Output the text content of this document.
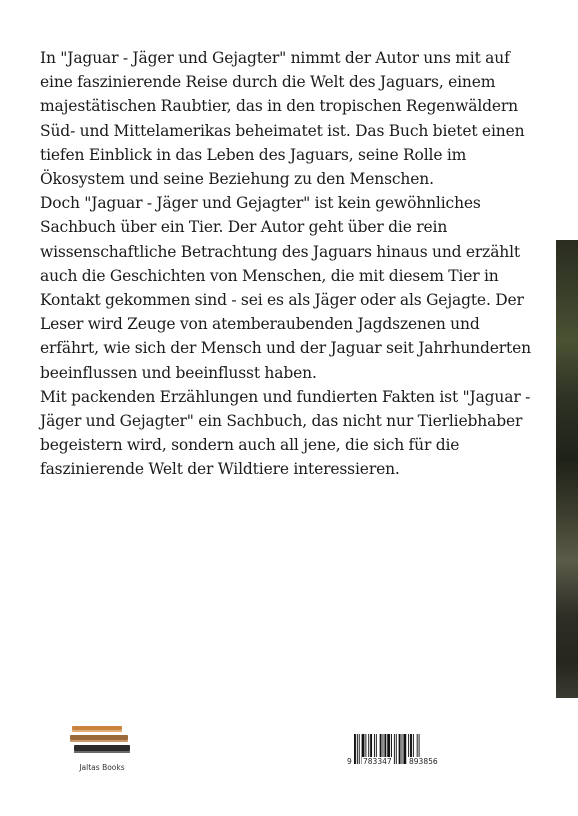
In "Jaguar - Jäger und Gejagter" nimmt der Autor uns mit auf eine faszinierende Reise durch die Welt des Jaguars, einem majestätischen Raubtier, das in den tropischen Regenwäldern Süd- und Mittelamerikas beheimatet ist. Das Buch bietet einen tiefen Einblick in das Leben des Jaguars, seine Rolle im Ökosystem und seine Beziehung zu den Menschen.

Doch "Jaguar - Jäger und Gejagter" ist kein gewöhnliches Sachbuch über ein Tier. Der Autor geht über die rein wissenschaftliche Betrachtung des Jaguars hinaus und erzählt auch die Geschichten von Menschen, die mit diesem Tier in Kontakt gekommen sind - sei es als Jäger oder als Gejagte. Der Leser wird Zeuge von atemberaubenden Jagdszenen und erfährt, wie sich der Mensch und der Jaguar seit Jahrhunderten beeinflussen und beeinflusst haben.

Mit packenden Erzählungen und fundierten Fakten ist "Jaguar - Jäger und Gejagter" ein Sachbuch, das nicht nur Tierliebhaber begeistern wird, sondern auch all jene, die sich für die faszinierende Welt der Wildtiere interessieren.

Jaltas Books
9 783347 893856
